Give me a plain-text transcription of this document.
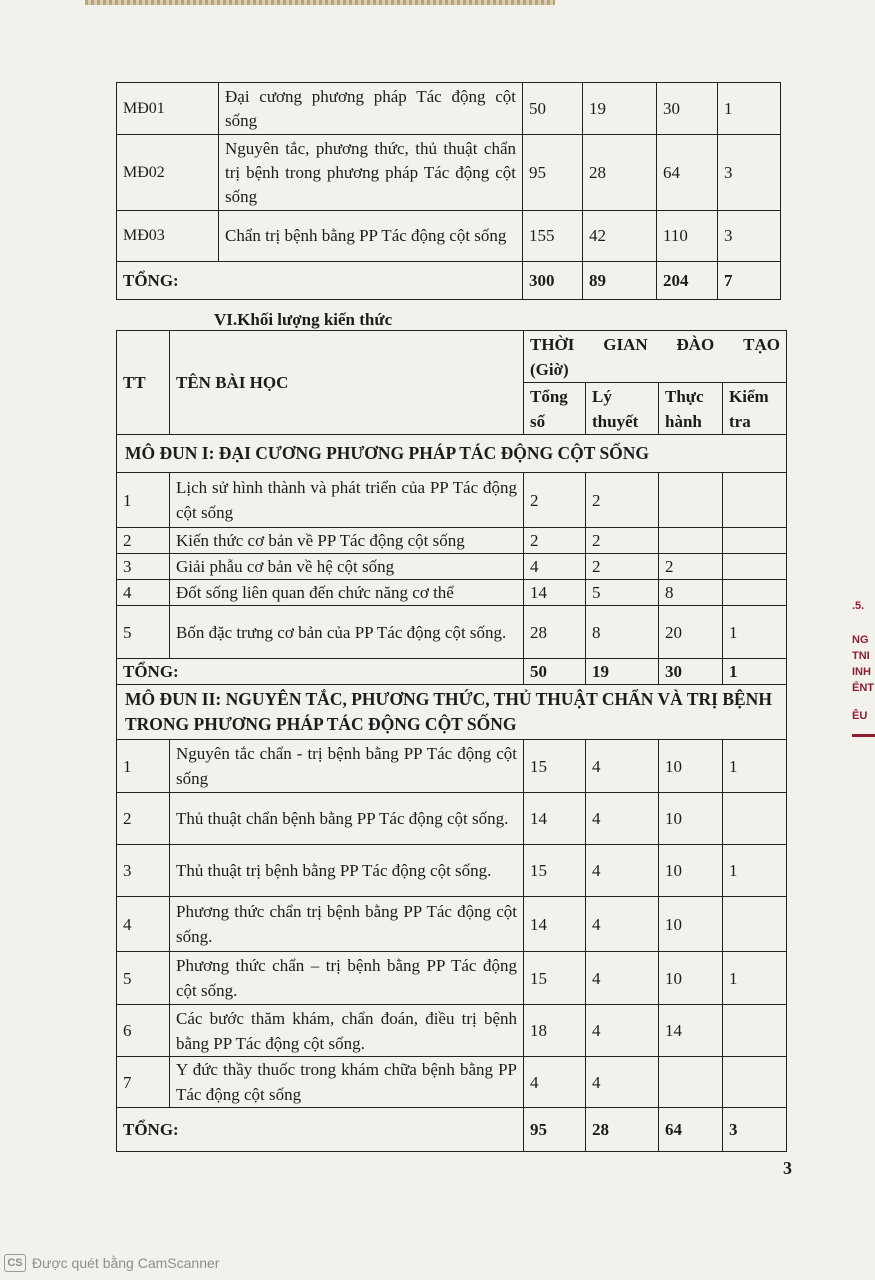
MĐ01	Đại cương phương pháp Tác động cột sống	50	19	30	1
MĐ02	Nguyên tắc, phương thức, thủ thuật chẩn trị bệnh trong phương pháp Tác động cột sống	95	28	64	3
MĐ03	Chẩn trị bệnh bằng PP Tác động cột sống	155	42	110	3
TỔNG:		300	89	204	7

VI.Khối lượng kiến thức

TT	TÊN BÀI HỌC	THỜI GIAN ĐÀO TẠO
(Giờ)			

		Tổng số	Lý thuyết	Thực hành	Kiểm tra
MÔ ĐUN I: ĐẠI CƯƠNG PHƯƠNG PHÁP TÁC ĐỘNG CỘT SỐNG					
1	Lịch sử hình thành và phát triển của PP Tác động cột sống	2	2		
2	Kiến thức cơ bản về PP Tác động cột sống	2	2		
3	Giải phẫu cơ bản về hệ cột sống	4	2	2	
4	Đốt sống liên quan đến chức năng cơ thể	14	5	8	
5	Bốn đặc trưng cơ bản của PP Tác động cột sống.	28	8	20	1
TỔNG:		50	19	30	1
MÔ ĐUN II: NGUYÊN TẮC, PHƯƠNG THỨC, THỦ THUẬT CHẨN VÀ TRỊ BỆNH TRONG PHƯƠNG PHÁP TÁC ĐỘNG CỘT SỐNG					
1	Nguyên tắc chẩn - trị bệnh bằng PP Tác động cột sống	15	4	10	1
2	Thủ thuật chẩn bệnh bằng PP Tác động cột sống.	14	4	10	
3	Thủ thuật trị bệnh bằng PP Tác động cột sống.	15	4	10	1
4	Phương thức chẩn trị bệnh bằng PP Tác động cột sống.	14	4	10	
5	Phương thức chẩn – trị bệnh bằng PP Tác động cột sống.	15	4	10	1
6	Các bước thăm khám, chẩn đoán, điều trị bệnh bằng PP Tác động cột sống.	18	4	14	
7	Y đức thầy thuốc trong khám chữa bệnh bằng PP Tác động cột sống	4	4		
TỔNG:		95	28	64	3
3
.5.
NG
TNI
INH
ỂNT
ÊU
CS Được quét bằng CamScanner
